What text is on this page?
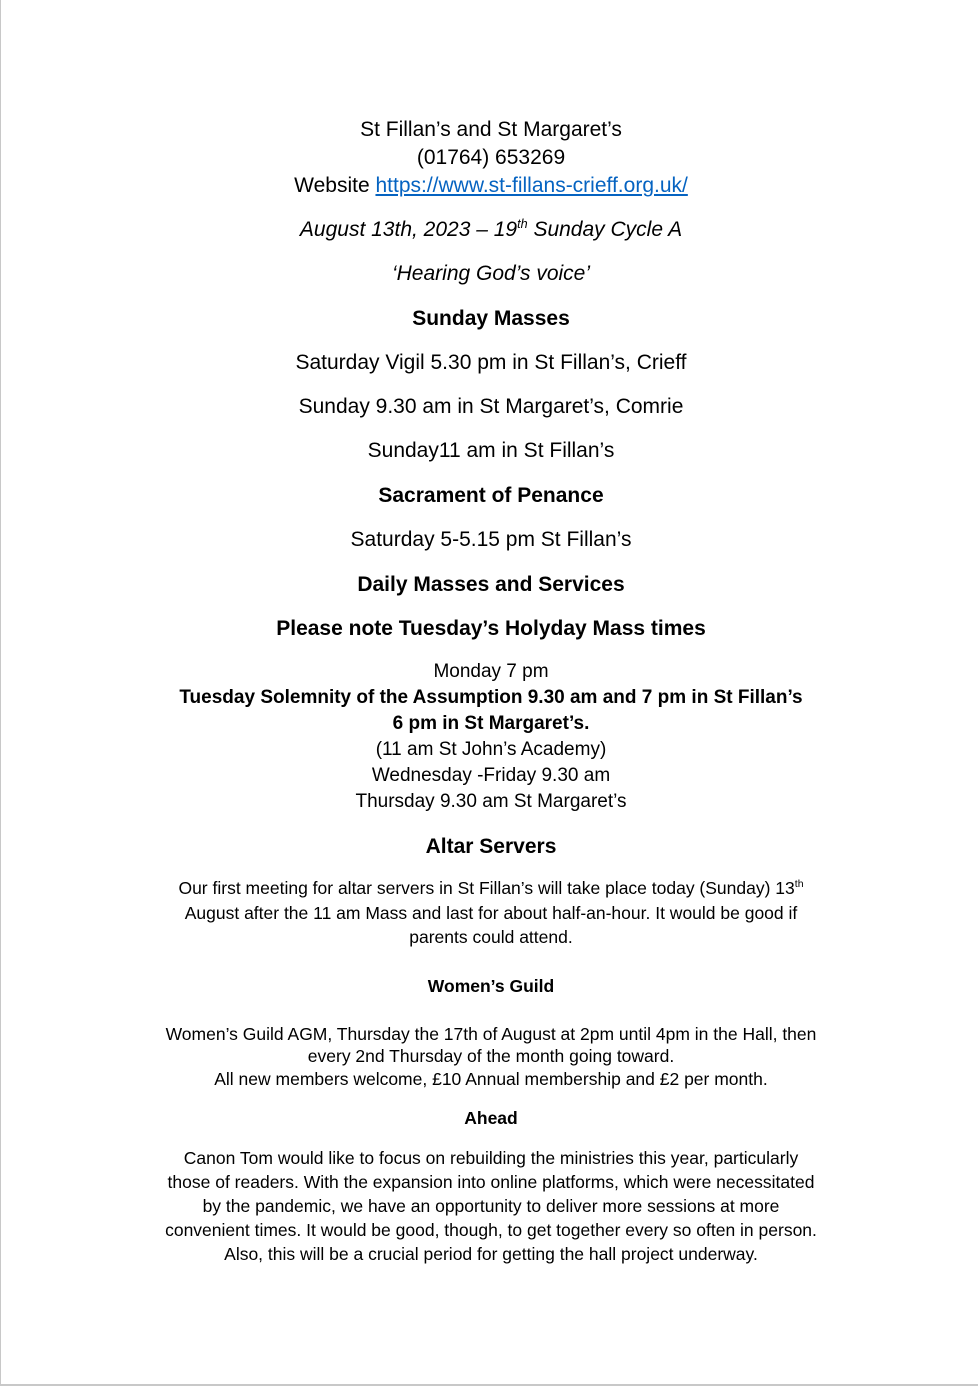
St Fillan’s and St Margaret’s
(01764) 653269
Website https://www.st-fillans-crieff.org.uk/
August 13th, 2023 – 19th Sunday Cycle A
‘Hearing God’s voice’
Sunday Masses
Saturday Vigil 5.30 pm in St Fillan’s, Crieff
Sunday 9.30 am in St Margaret’s, Comrie
Sunday11 am in St Fillan’s
Sacrament of Penance
Saturday 5-5.15 pm St Fillan’s
Daily Masses and Services
Please note Tuesday’s Holyday Mass times
Monday 7 pm
Tuesday Solemnity of the Assumption 9.30 am and 7 pm in St Fillan’s
6 pm in St Margaret’s.
(11 am St John’s Academy)
Wednesday -Friday 9.30 am
Thursday 9.30 am St Margaret’s
Altar Servers
Our first meeting for altar servers in St Fillan’s will take place today (Sunday) 13th
August after the 11 am Mass and last for about half-an-hour. It would be good if
parents could attend.
Women’s Guild
Women’s Guild AGM, Thursday the 17th of August at 2pm until 4pm in the Hall, then
every 2nd Thursday of the month going toward.
All new members welcome, £10 Annual membership and £2 per month.
Ahead
Canon Tom would like to focus on rebuilding the ministries this year, particularly
those of readers. With the expansion into online platforms, which were necessitated
by the pandemic, we have an opportunity to deliver more sessions at more
convenient times. It would be good, though, to get together every so often in person.
Also, this will be a crucial period for getting the hall project underway.
